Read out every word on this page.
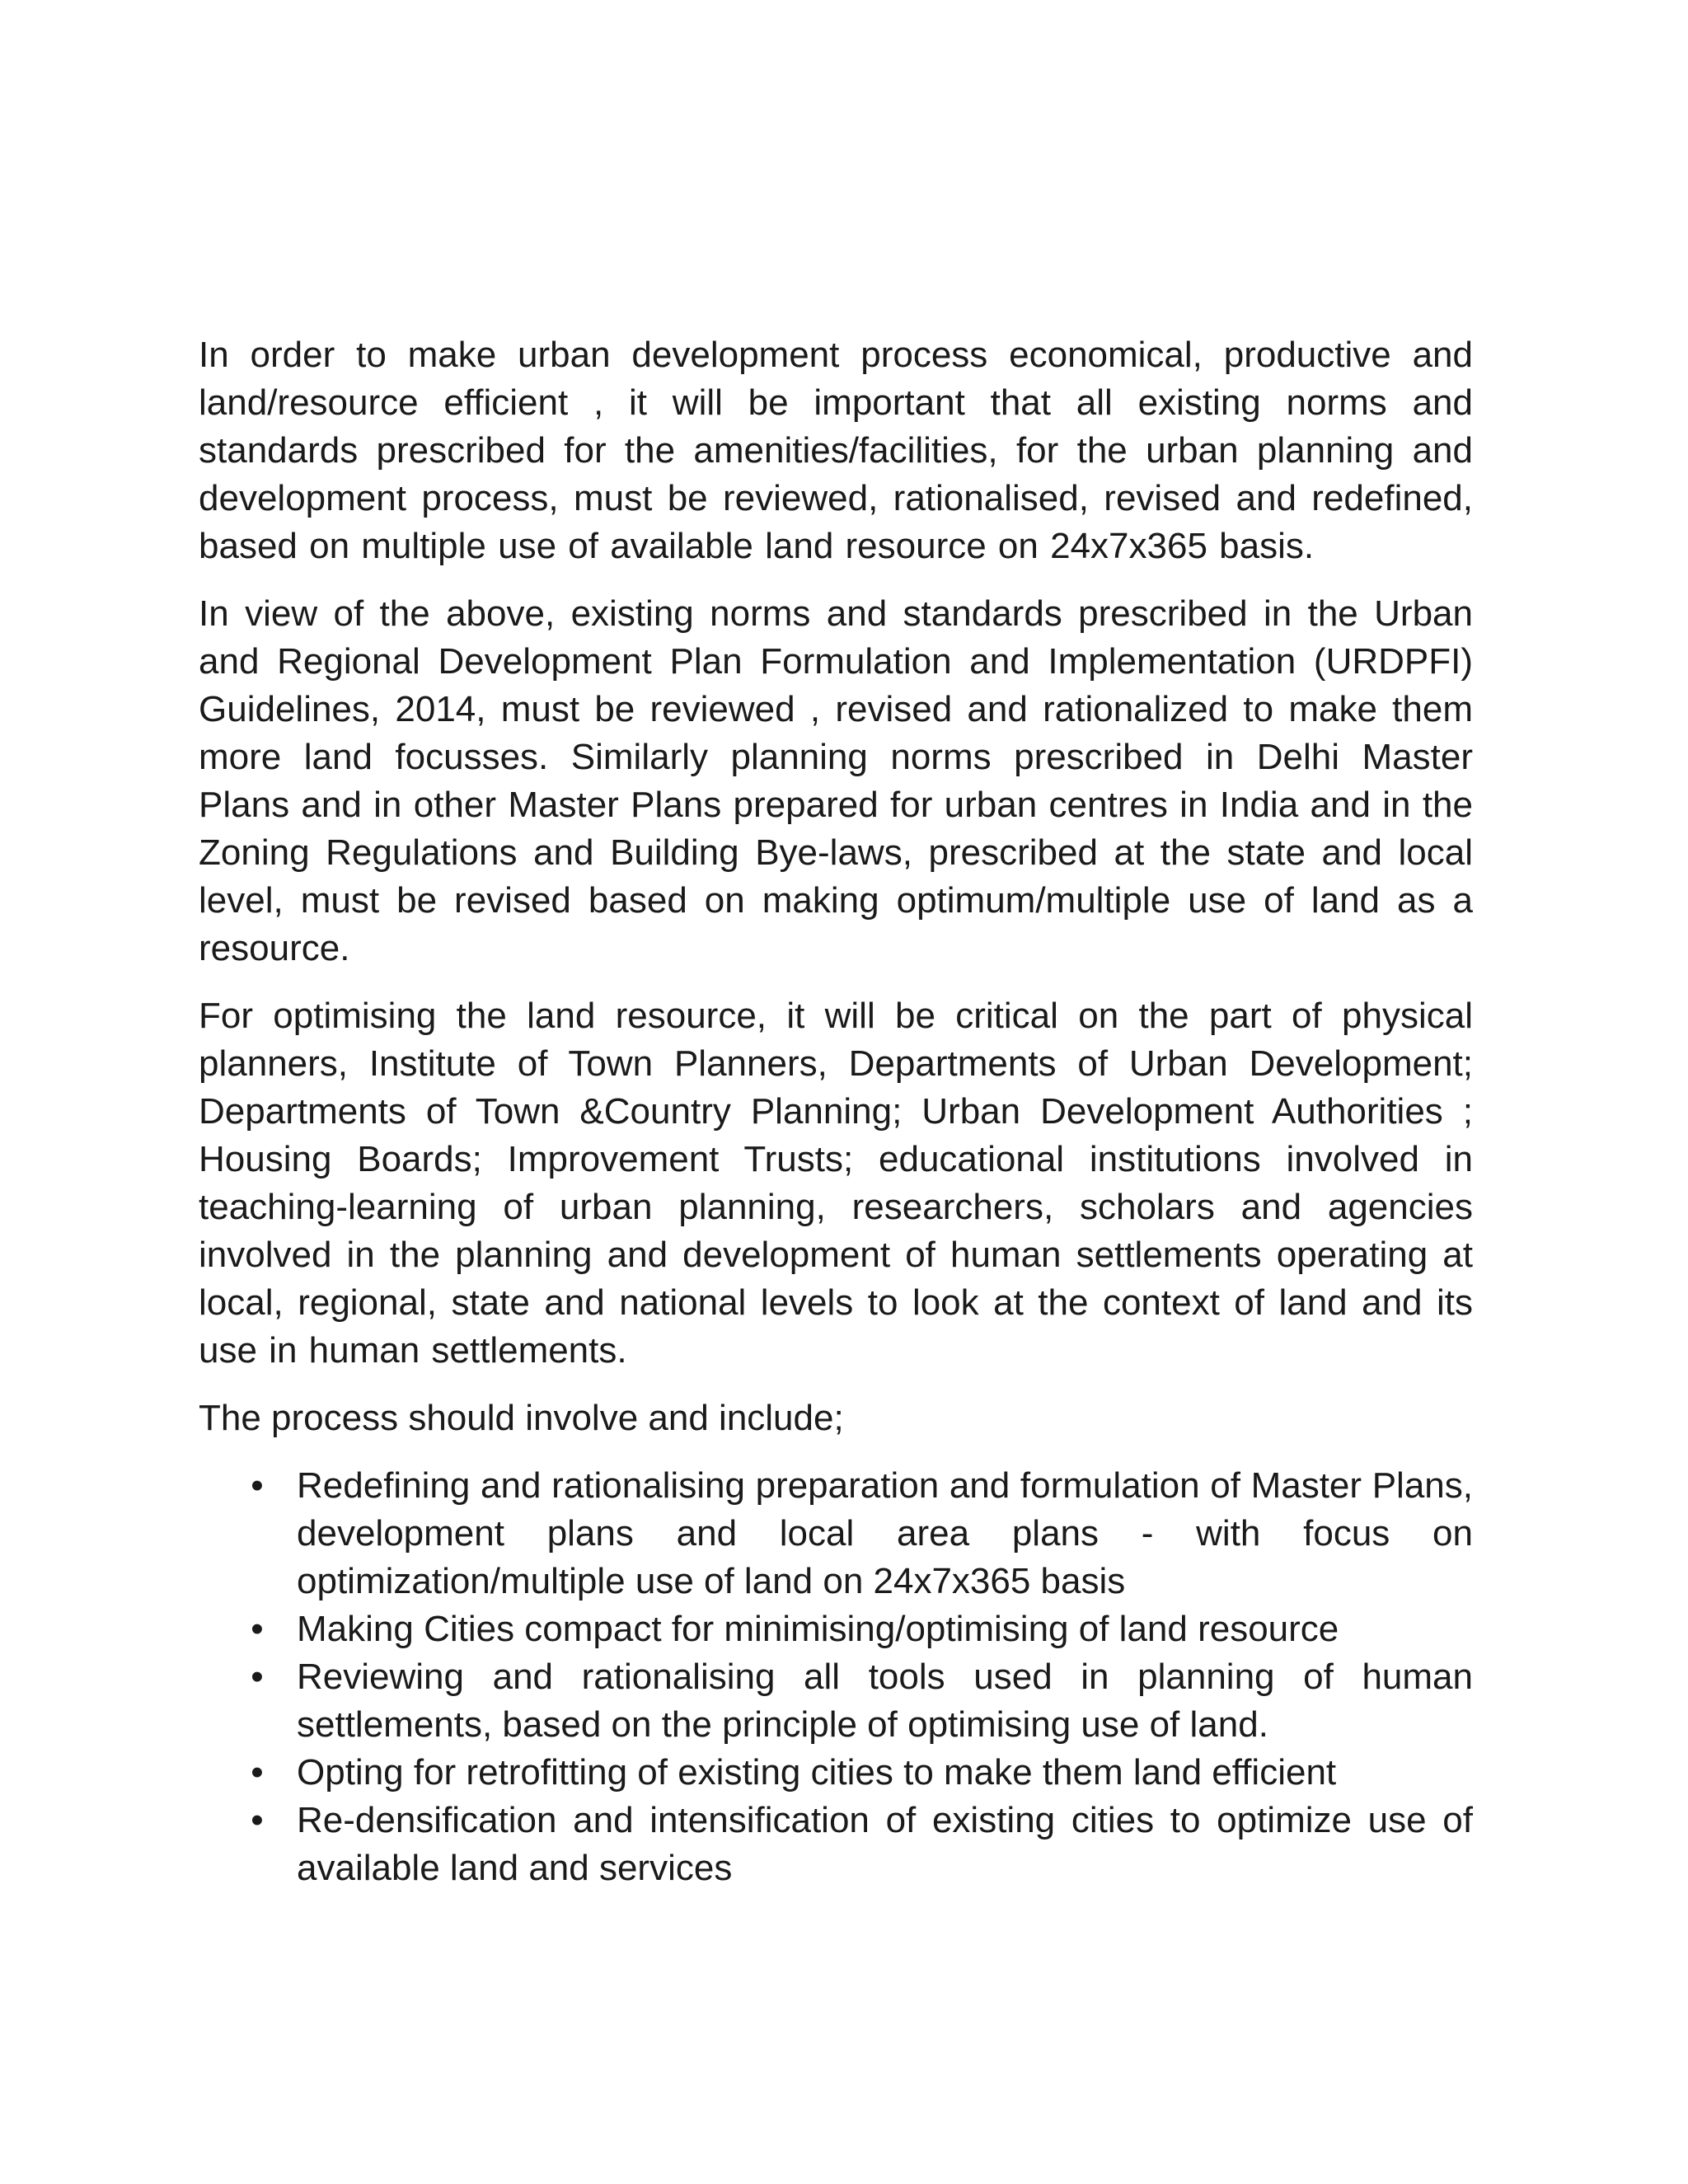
In order to make urban development process economical, productive and land/resource efficient , it will be important that all existing norms and standards prescribed for the amenities/facilities, for the urban planning and development process, must be reviewed, rationalised, revised and redefined, based on multiple use of available land resource on 24x7x365 basis.

In view of the above, existing norms and standards prescribed in the Urban and Regional Development Plan Formulation and Implementation (URDPFI) Guidelines, 2014, must be reviewed , revised and rationalized to make them more land focusses. Similarly planning norms prescribed in Delhi Master Plans and in other Master Plans prepared for urban centres in India and in the Zoning Regulations and Building Bye-laws, prescribed at the state and local level, must be revised based on making optimum/multiple use of land as a resource.

For optimising the land resource, it will be critical on the part of physical planners, Institute of Town Planners, Departments of Urban Development; Departments of Town &Country Planning; Urban Development Authorities ; Housing Boards; Improvement Trusts; educational institutions involved in teaching-learning of urban planning, researchers, scholars and agencies involved in the planning and development of human settlements operating at local, regional, state and national levels to look at the context of land and its use in human settlements.

The process should involve and include;

• Redefining and rationalising preparation and formulation of Master Plans, development plans and local area plans - with focus on optimization/multiple use of land on 24x7x365 basis
• Making Cities compact for minimising/optimising of land resource
• Reviewing and rationalising all tools used in planning of human settlements, based on the principle of optimising use of land.
• Opting for retrofitting of existing cities to make them land efficient
• Re-densification and intensification of existing cities to optimize use of available land and services
